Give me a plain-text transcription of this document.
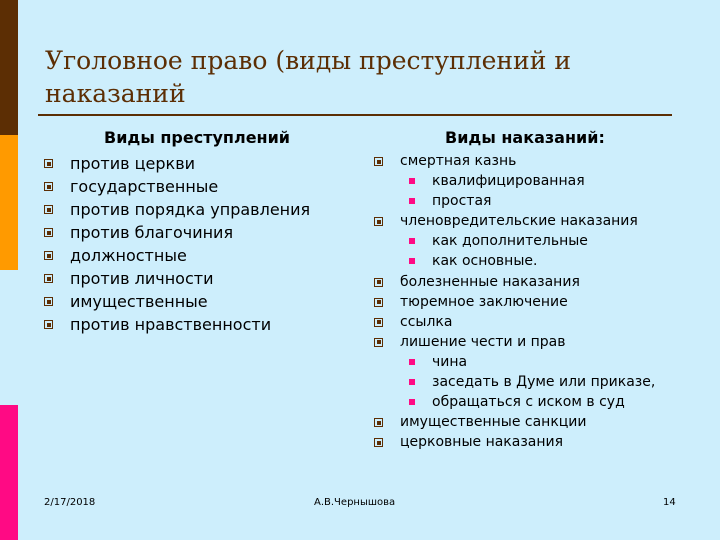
Уголовное право (виды преступлений и наказаний
Виды преступлений
против церкви
государственные
против порядка управления
против благочиния
должностные
против личности
имущественные
против нравственности
Виды наказаний:
смертная казнь
квалифицированная
простая
членовредительские наказания
как дополнительные
как основные.
болезненные наказания
тюремное заключение
ссылка
лишение чести и прав
чина
заседать в Думе или приказе,
обращаться с иском в суд
имущественные санкции
церковные наказания
2/17/2018	А.В.Чернышова	14
